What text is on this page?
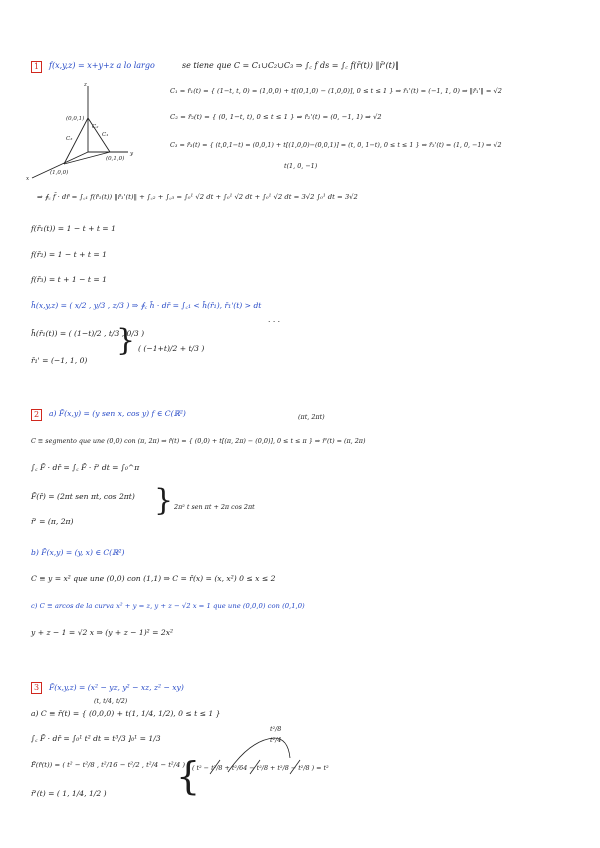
1	f(x,y,z) = x+y+z a lo largo	se tiene que C = C₁∪C₂∪C₃ ⇒ ∫꜀ f ds = ∫꜀ f(r̄(t)) ‖r̄'(t)‖
z
y
x
(0,0,1)
(1,0,0)
(0,1,0)
C₁
C₂
C₃
C₁ = r̄₁(t) = { (1−t, t, 0) = (1,0,0) + t[(0,1,0) − (1,0,0)], 0 ≤ t ≤ 1 } ⇒ r̄₁'(t) = (−1, 1, 0) ⇒ ‖r̄₁'‖ = √2
C₂ = r̄₂(t) = { (0, 1−t, t), 0 ≤ t ≤ 1 } ⇒ r̄₂'(t) = (0, −1, 1) ⇒ √2
C₃ = r̄₃(t) = { (t,0,1−t) = (0,0,1) + t[(1,0,0)−(0,0,1)] = (t, 0, 1−t), 0 ≤ t ≤ 1 } ⇒ r̄₃'(t) = (1, 0, −1) ⇒ √2
t(1, 0, −1)
⇒ ∮꜀ f̄ · dr̄ = ∫꜀₁ f(r̄₁(t)) ‖r̄₁'(t)‖ + ∫꜀₂ + ∫꜀₃ = ∫₀¹ √2 dt + ∫₀¹ √2 dt + ∫₀¹ √2 dt = 3√2 ∫₀¹ dt = 3√2
f(r̄₁(t)) = 1 − t + t = 1
f(r̄₂) = 1 − t + t = 1
f(r̄₃) = t + 1 − t = 1
h̄(x,y,z) = ( x/2 , y/3 , z/3 ) ⇒ ∮꜀ h̄ · dr̄ = ∫꜀₁ < h̄(r̄₁), r̄₁'(t) > dt
. . .
h̄(r̄₁(t)) = ( (1−t)/2 , t/3 , 0/3 )
r̄₁' = (−1, 1, 0)
} ( (−1+t)/2 + t/3 )
2	a) F̄(x,y) = (y sen x, cos y) f ∈ C(ℝ²)	(πt, 2πt)
C ≡ segmento que une (0,0) con (π, 2π) ⇒ r̄(t) = { (0,0) + t[(π, 2π) − (0,0)], 0 ≤ t ≤ π } ⇒ r̄'(t) = (π, 2π)
∫꜀ F̄ · dr̄ = ∫꜀ F̄ · r̄' dt = ∫₀^π
F̄(r̄) = (2πt sen πt, cos 2πt)
r̄' = (π, 2π)
} 2π² t sen πt + 2π cos 2πt
b) F̄(x,y) = (y, x) ∈ C(ℝ²)
C ≡ y = x² que une (0,0) con (1,1) ⇒ C = r̄(x) = (x, x²) 0 ≤ x ≤ 2
c) C ≡ arcos de la curva x² + y = z, y + z − √2 x = 1 que une (0,0,0) con (0,1,0)
y + z − 1 = √2 x ⇒ (y + z − 1)² = 2x²
3	F̄(x,y,z) = (x² − yz, y² − xz, z² − xy)
(t, t/4, t/2)
a) C ≡ r̄(t) = { (0,0,0) + t(1, 1/4, 1/2), 0 ≤ t ≤ 1 }
∫꜀ F̄ · dr̄ = ∫₀¹ t² dt = t³/3 ]₀¹ = 1/3
F̄(r̄(t)) = ( t² − t²/8 , t²/16 − t²/2 , t²/4 − t²/4 )
r̄'(t) = ( 1, 1/4, 1/2 ) {
( t² − t²/8 + t²/64 − t²/8 + t²/8 − t²/8 ) = t²
t²/8
t²/4
